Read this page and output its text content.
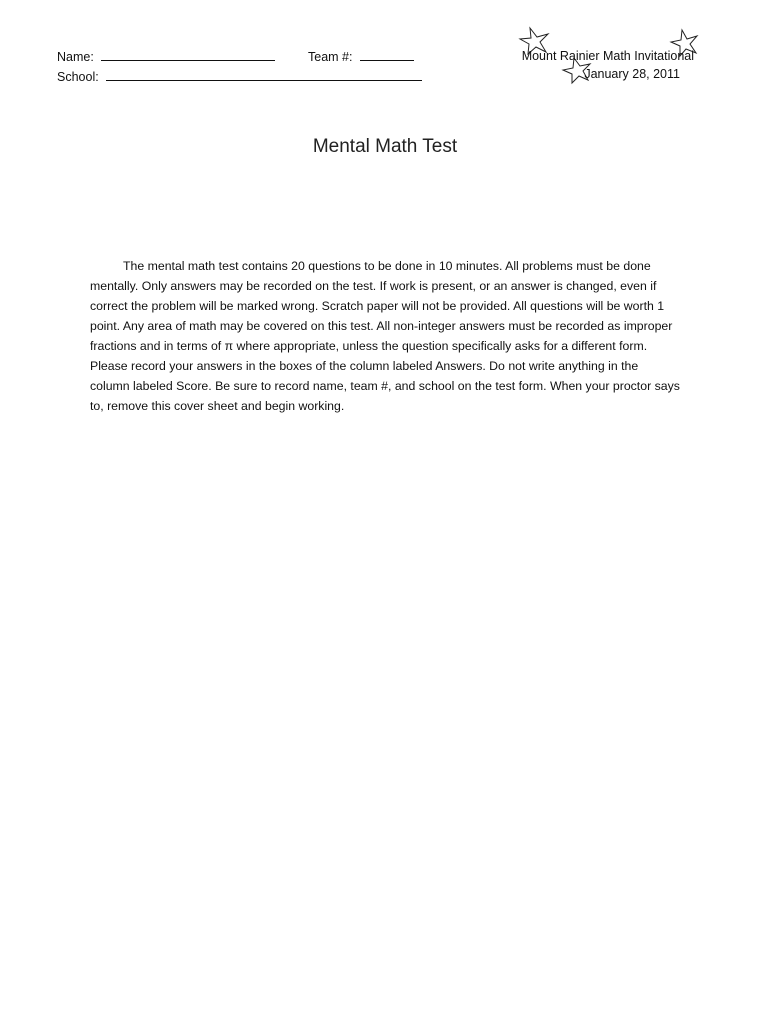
Name:	Team #:
School:
Mount Rainier Math Invitational
January 28, 2011
Mental Math Test

The mental math test contains 20 questions to be done in 10 minutes. All problems must be done mentally. Only answers may be recorded on the test. If work is present, or an answer is changed, even if correct the problem will be marked wrong. Scratch paper will not be provided. All questions will be worth 1 point. Any area of math may be covered on this test. All non-integer answers must be recorded as improper fractions and in terms of π where appropriate, unless the question specifically asks for a different form. Please record your answers in the boxes of the column labeled Answers. Do not write anything in the column labeled Score. Be sure to record name, team #, and school on the test form. When your proctor says to, remove this cover sheet and begin working.
